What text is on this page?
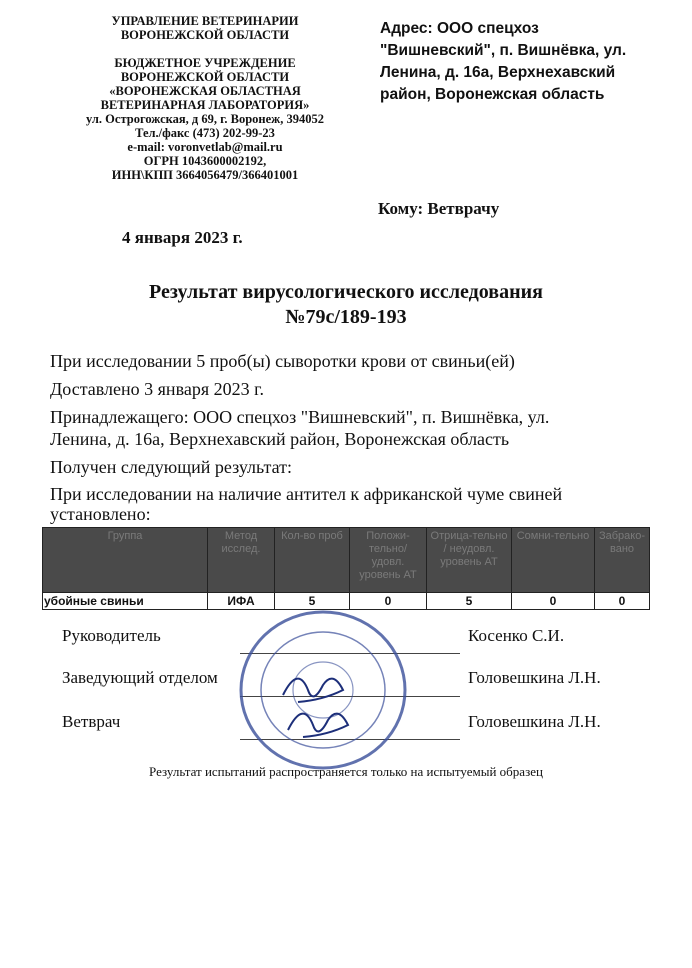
УПРАВЛЕНИЕ ВЕТЕРИНАРИИ
ВОРОНЕЖСКОЙ ОБЛАСТИ
БЮДЖЕТНОЕ УЧРЕЖДЕНИЕ
ВОРОНЕЖСКОЙ ОБЛАСТИ
«ВОРОНЕЖСКАЯ ОБЛАСТНАЯ
ВЕТЕРИНАРНАЯ ЛАБОРАТОРИЯ»
ул. Острогожская, д 69, г. Воронеж, 394052
Тел./факс (473) 202-99-23
e-mail: voronvetlab@mail.ru
ОГРН 1043600002192,
ИНН\КПП 3664056479/366401001
Адрес: ООО спецхоз "Вишневский", п. Вишнёвка, ул. Ленина, д. 16а, Верхнехавский район, Воронежская область
Кому: Ветврачу
4 января 2023 г.
Результат вирусологического исследования
№79с/189-193
При исследовании 5 проб(ы) сыворотки крови от свиньи(ей)
Доставлено 3 января 2023 г.
Принадлежащего: ООО спецхоз "Вишневский", п. Вишнёвка, ул. Ленина, д. 16а, Верхнехавский район, Воронежская область
Получен следующий результат:
При исследовании на наличие антител к африканской чуме свиней установлено:
Группа	Метод исслед.	Кол-во проб	Положи-тельно/ удовл. уровень АТ	Отрица-тельно / неудовл. уровень АТ	Сомни-тельно	Забрако-вано
убойные свиньи	ИФА	5	0	5	0	0
Руководитель	Косенко С.И.
Заведующий отделом	Головешкина Л.Н.
Ветврач	Головешкина Л.Н.
Результат испытаний распространяется только на испытуемый образец
